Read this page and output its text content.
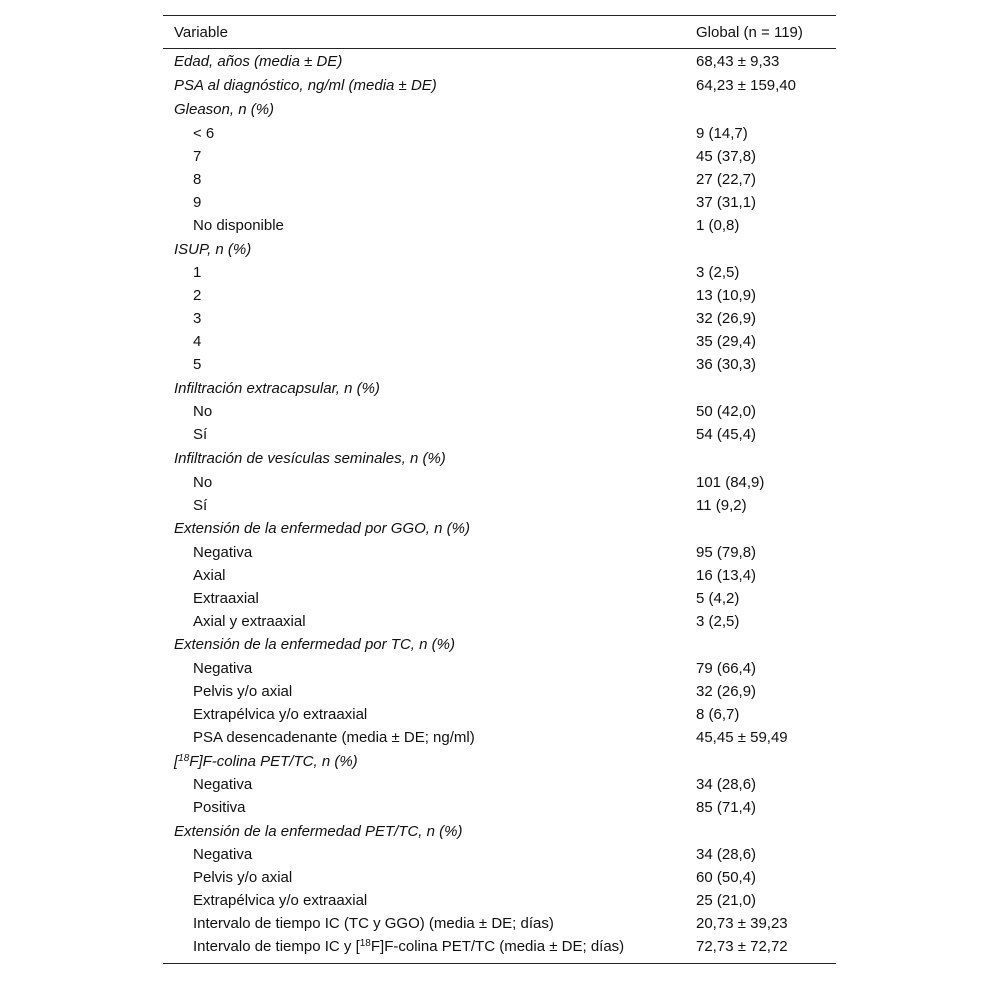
Variable	Global (n = 119)
Edad, años (media ± DE)	68,43 ± 9,33
PSA al diagnóstico, ng/ml (media ± DE)	64,23 ± 159,40
Gleason, n (%)
< 6	9 (14,7)
7	45 (37,8)
8	27 (22,7)
9	37 (31,1)
No disponible	1 (0,8)
ISUP, n (%)
1	3 (2,5)
2	13 (10,9)
3	32 (26,9)
4	35 (29,4)
5	36 (30,3)
Infiltración extracapsular, n (%)
No	50 (42,0)
Sí	54 (45,4)
Infiltración de vesículas seminales, n (%)
No	101 (84,9)
Sí	11 (9,2)
Extensión de la enfermedad por GGO, n (%)
Negativa	95 (79,8)
Axial	16 (13,4)
Extraaxial	5 (4,2)
Axial y extraaxial	3 (2,5)
Extensión de la enfermedad por TC, n (%)
Negativa	79 (66,4)
Pelvis y/o axial	32 (26,9)
Extrapélvica y/o extraaxial	8 (6,7)
PSA desencadenante (media ± DE; ng/ml)	45,45 ± 59,49
[$^{18}$F]F-colina PET/TC, n (%)
Negativa	34 (28,6)
Positiva	85 (71,4)
Extensión de la enfermedad PET/TC, n (%)
Negativa	34 (28,6)
Pelvis y/o axial	60 (50,4)
Extrapélvica y/o extraaxial	25 (21,0)
Intervalo de tiempo IC (TC y GGO) (media ± DE; días)	20,73 ± 39,23
Intervalo de tiempo IC y [$^{18}$F]F-colina PET/TC (media ± DE; días)	72,73 ± 72,72
